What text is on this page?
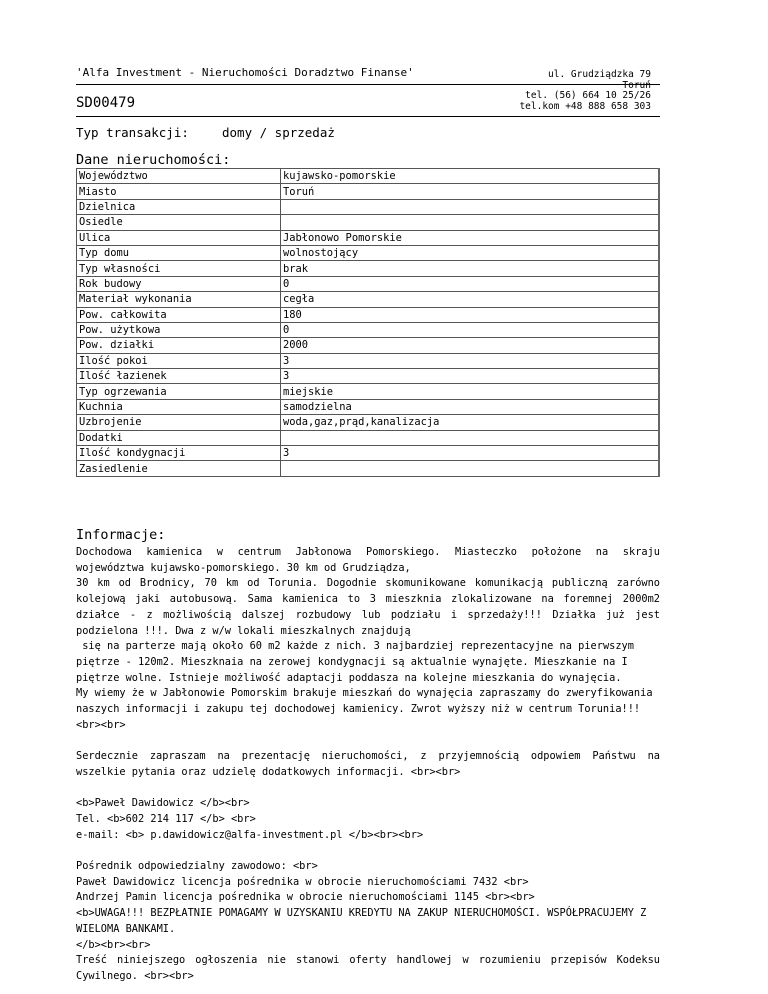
'Alfa Investment - Nieruchomości Doradztwo Finanse'	ul. Grudziądzka 79
Toruń
tel. (56) 664 10 25/26
tel.kom +48 888 658 303
SD00479
Typ transakcji:	domy / sprzedaż
Dane nieruchomości:
Województwo	kujawsko-pomorskie
Miasto	Toruń
Dzielnica	
Osiedle	
Ulica	Jabłonowo Pomorskie
Typ domu	wolnostojący
Typ własności	brak
Rok budowy	0
Materiał wykonania	cegła
Pow. całkowita	180
Pow. użytkowa	0
Pow. działki	2000
Ilość pokoi	3
Ilość łazienek	3
Typ ogrzewania	miejskie
Kuchnia	samodzielna
Uzbrojenie	woda,gaz,prąd,kanalizacja
Dodatki	
Ilość kondygnacji	3
Zasiedlenie	
Informacje:

Dochodowa kamienica w centrum Jabłonowa Pomorskiego. Miasteczko położone na skraju

województwa kujawsko-pomorskiego. 30 km od Grudziądza,

30 km od Brodnicy, 70 km od Torunia. Dogodnie skomunikowane komunikacją publiczną zarówno

kolejową jaki autobusową. Sama kamienica to 3 mieszknia zlokalizowane na foremnej 2000m2

działce - z możliwością dalszej rozbudowy lub podziału i sprzedaży!!! Działka już jest

podzielona !!!. Dwa z w/w lokali mieszkalnych znajdują

się na parterze mają około 60 m2 każde z nich. 3 najbardziej reprezentacyjne na pierwszym

piętrze - 120m2. Mieszknaia na zerowej kondygnacji są aktualnie wynajęte. Mieszkanie na I

piętrze wolne. Istnieje możliwość adaptacji poddasza na kolejne mieszkania do wynajęcia.

My wiemy że w Jabłonowie Pomorskim brakuje mieszkań do wynajęcia zapraszamy do zweryfikowania

naszych informacji i zakupu tej dochodowej kamienicy. Zwrot wyższy niż w centrum Torunia!!!

<br><br>

Serdecznie zapraszam na prezentację nieruchomości, z przyjemnością odpowiem Państwu na

wszelkie pytania oraz udzielę dodatkowych informacji. <br><br>

<b>Paweł Dawidowicz </b><br>

Tel. <b>602 214 117 </b> <br>

e-mail: <b> p.dawidowicz@alfa-investment.pl </b><br><br>

Pośrednik odpowiedzialny zawodowo: <br>

Paweł Dawidowicz licencja pośrednika w obrocie nieruchomościami 7432 <br>

Andrzej Pamin licencja pośrednika w obrocie nieruchomościami 1145 <br><br>

<b>UWAGA!!! BEZPŁATNIE POMAGAMY W UZYSKANIU KREDYTU NA ZAKUP NIERUCHOMOŚCI. WSPÓŁPRACUJEMY Z

WIELOMA BANKAMI.

</b><br><br>

Treść niniejszego ogłoszenia nie stanowi oferty handlowej w rozumieniu przepisów Kodeksu

Cywilnego. <br><br>
